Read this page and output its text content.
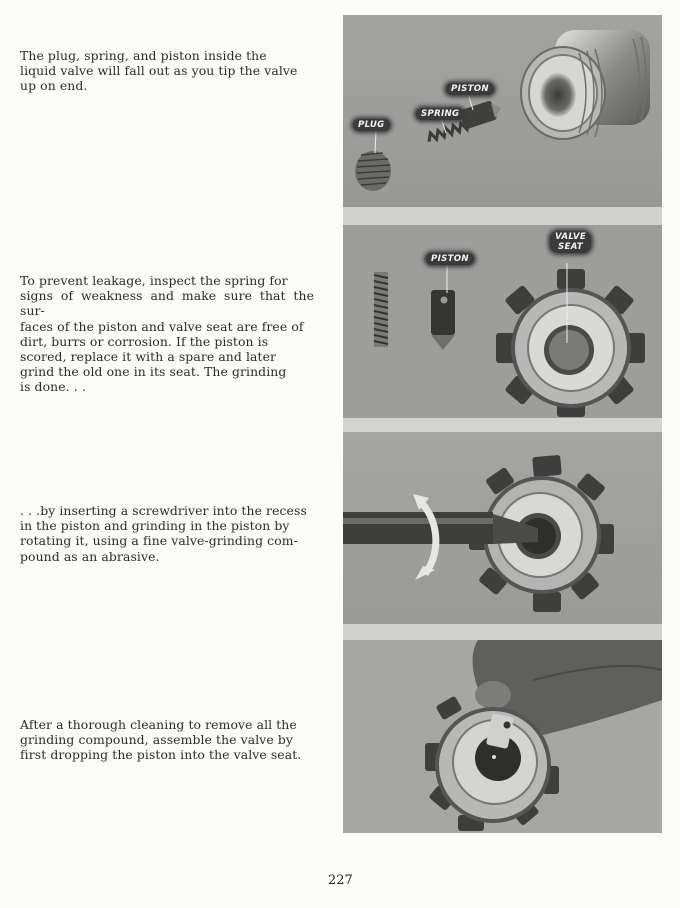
The plug, spring, and piston inside the
liquid valve will fall out as you tip the valve
up on end.
To prevent leakage, inspect the spring for
signs of weakness and make sure that the sur-
faces of the piston and valve seat are free of
dirt, burrs or corrosion. If the piston is
scored, replace it with a spare and later
grind the old one in its seat. The grinding
is done. . .
. . .by inserting a screwdriver into the recess
in the piston and grinding in the piston by
rotating it, using a fine valve-grinding com-
pound as an abrasive.
After a thorough cleaning to remove all the
grinding compound, assemble the valve by
first dropping the piston into the valve seat.
PLUG
SPRING
PISTON
PISTON
VALVE
SEAT
227
